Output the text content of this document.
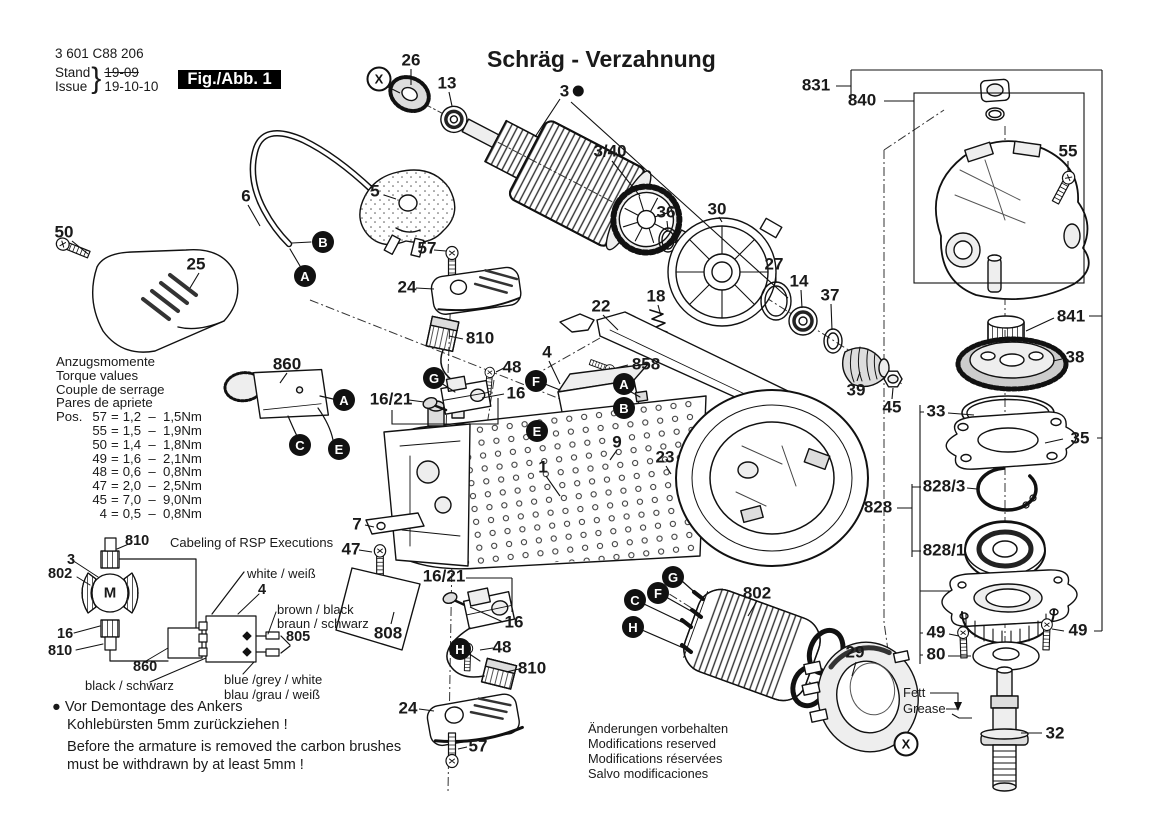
3 601 C88 206
Stand
Issue } 19-09
19-10-10	Fig./Abb. 1
Schräg - Verzahnung
Anzugsmomente
Torque values
Couple de serrage
Pares de apriete
Pos. 57 = 1,2  –  1,5Nm
55 = 1,5  –  1,9Nm
50 = 1,4  –  1,8Nm
49 = 1,6  –  2,1Nm
48 = 0,6  –  0,8Nm
47 = 2,0  –  2,5Nm
45 = 7,0  –  9,0Nm
4 = 0,5  –  0,8Nm
26
13	3
3/40
831
840
55
5
6
50
25
57
24
810
860	48
16/21	16
4
22
18
858
36 30
27
14
37
39
45
9
23
1
7
47
808
16/21
16
48
810
24
57
802
29
841
38
33
35
828/3
828
828/1
49
80
49
32
M
B
A
A
C	E
G	F	A
B
E
H
G
F
C
H
X
X
810 Cabeling of RSP Executions
3
802
16
810
860
black / schwarz
white / weiß
4
brown / black
braun / schwarz
805
blue /grey / white
blau /grau / weiß	Fett
Grease
● Vor Demontage des Ankers
Kohlebürsten 5mm zurückziehen !
Before the armature is removed the carbon brushes
must be withdrawn by at least 5mm !
Änderungen vorbehalten
Modifications reserved
Modifications réservées
Salvo modificaciones
